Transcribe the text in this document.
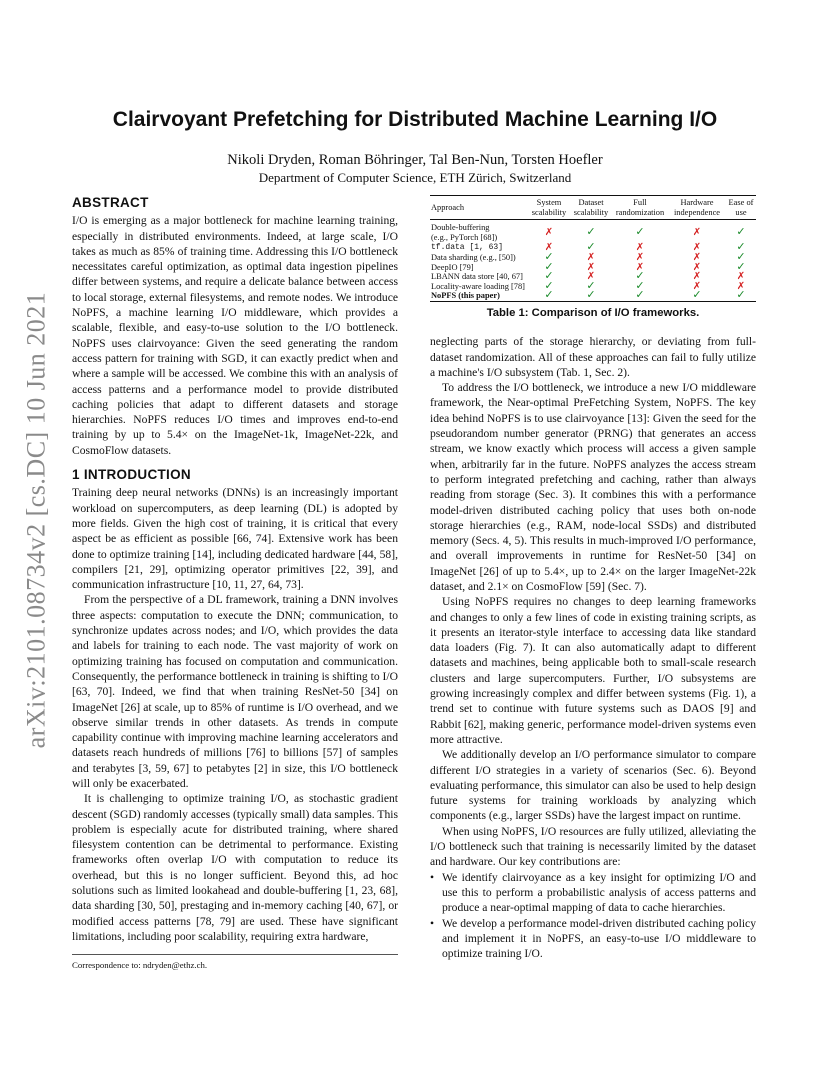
arXiv:2101.08734v2 [cs.DC] 10 Jun 2021
Clairvoyant Prefetching for Distributed Machine Learning I/O
Nikoli Dryden, Roman Böhringer, Tal Ben-Nun, Torsten Hoefler
Department of Computer Science, ETH Zürich, Switzerland
ABSTRACT

I/O is emerging as a major bottleneck for machine learning training, especially in distributed environments. Indeed, at large scale, I/O takes as much as 85% of training time. Addressing this I/O bottleneck necessitates careful optimization, as optimal data ingestion pipelines differ between systems, and require a delicate balance between access to local storage, external filesystems, and remote nodes. We introduce NoPFS, a machine learning I/O middleware, which provides a scalable, flexible, and easy-to-use solution to the I/O bottleneck. NoPFS uses clairvoyance: Given the seed generating the random access pattern for training with SGD, it can exactly predict when and where a sample will be accessed. We combine this with an analysis of access patterns and a performance model to provide distributed caching policies that adapt to different datasets and storage hierarchies. NoPFS reduces I/O times and improves end-to-end training by up to 5.4× on the ImageNet-1k, ImageNet-22k, and CosmoFlow datasets.

1 INTRODUCTION

Training deep neural networks (DNNs) is an increasingly important workload on supercomputers, as deep learning (DL) is adopted by more fields. Given the high cost of training, it is critical that every aspect be as efficient as possible [66, 74]. Extensive work has been done to optimize training [14], including dedicated hardware [44, 58], compilers [21, 29], optimizing operator primitives [22, 39], and communication infrastructure [10, 11, 27, 64, 73].

From the perspective of a DL framework, training a DNN involves three aspects: computation to execute the DNN; communication, to synchronize updates across nodes; and I/O, which provides the data and labels for training to each node. The vast majority of work on optimizing training has focused on computation and communication. Consequently, the performance bottleneck in training is shifting to I/O [63, 70]. Indeed, we find that when training ResNet-50 [34] on ImageNet [26] at scale, up to 85% of runtime is I/O overhead, and we observe similar trends in other datasets. As trends in compute capability continue with improving machine learning accelerators and datasets reach hundreds of millions [76] to billions [57] of samples and terabytes [3, 59, 67] to petabytes [2] in size, this I/O bottleneck will only be exacerbated.

It is challenging to optimize training I/O, as stochastic gradient descent (SGD) randomly accesses (typically small) data samples. This problem is especially acute for distributed training, where shared filesystem contention can be detrimental to performance. Existing frameworks often overlap I/O with computation to reduce its overhead, but this is no longer sufficient. Beyond this, ad hoc solutions such as limited lookahead and double-buffering [1, 23, 68], data sharding [30, 50], prestaging and in-memory caching [40, 67], or modified access patterns [78, 79] are used. These have significant limitations, including poor scalability, requiring extra hardware,

Correspondence to: ndryden@ethz.ch.
Approach	System scalability	Dataset scalability	Full randomization	Hardware independence	Ease of use
Double-buffering
(e.g., PyTorch [68])	✗	✓	✓	✗	✓
tf.data [1, 63]	✗	✓	✗	✗	✓
Data sharding (e.g., [50])	✓	✗	✗	✗	✓
DeepIO [79]	✓	✗	✗	✗	✓
LBANN data store [40, 67]	✓	✗	✓	✗	✗
Locality-aware loading [78]	✓	✓	✓	✗	✗
NoPFS (this paper)	✓	✓	✓	✓	✓
Table 1: Comparison of I/O frameworks.

neglecting parts of the storage hierarchy, or deviating from full-dataset randomization. All of these approaches can fail to fully utilize a machine's I/O subsystem (Tab. 1, Sec. 2).

To address the I/O bottleneck, we introduce a new I/O middleware framework, the Near-optimal PreFetching System, NoPFS. The key idea behind NoPFS is to use clairvoyance [13]: Given the seed for the pseudorandom number generator (PRNG) that generates an access stream, we know exactly which process will access a given sample when, arbitrarily far in the future. NoPFS analyzes the access stream to perform integrated prefetching and caching, rather than always reading from storage (Sec. 3). It combines this with a performance model-driven distributed caching policy that uses both on-node storage hierarchies (e.g., RAM, node-local SSDs) and distributed memory (Secs. 4, 5). This results in much-improved I/O performance, and overall improvements in runtime for ResNet-50 [34] on ImageNet [26] of up to 5.4×, up to 2.4× on the larger ImageNet-22k dataset, and 2.1× on CosmoFlow [59] (Sec. 7).

Using NoPFS requires no changes to deep learning frameworks and changes to only a few lines of code in existing training scripts, as it presents an iterator-style interface to accessing data like standard data loaders (Fig. 7). It can also automatically adapt to different datasets and machines, being applicable both to small-scale research clusters and large supercomputers. Further, I/O subsystems are growing increasingly complex and differ between systems (Fig. 1), a trend set to continue with future systems such as DAOS [9] and Rabbit [62], making generic, performance model-driven systems even more attractive.

We additionally develop an I/O performance simulator to compare different I/O strategies in a variety of scenarios (Sec. 6). Beyond evaluating performance, this simulator can also be used to help design future systems for training workloads by analyzing which components (e.g., larger SSDs) have the largest impact on runtime.

When using NoPFS, I/O resources are fully utilized, alleviating the I/O bottleneck such that training is necessarily limited by the dataset and hardware. Our key contributions are:

• We identify clairvoyance as a key insight for optimizing I/O and use this to perform a probabilistic analysis of access patterns and produce a near-optimal mapping of data to cache hierarchies.
• We develop a performance model-driven distributed caching policy and implement it in NoPFS, an easy-to-use I/O middleware to optimize training I/O.
